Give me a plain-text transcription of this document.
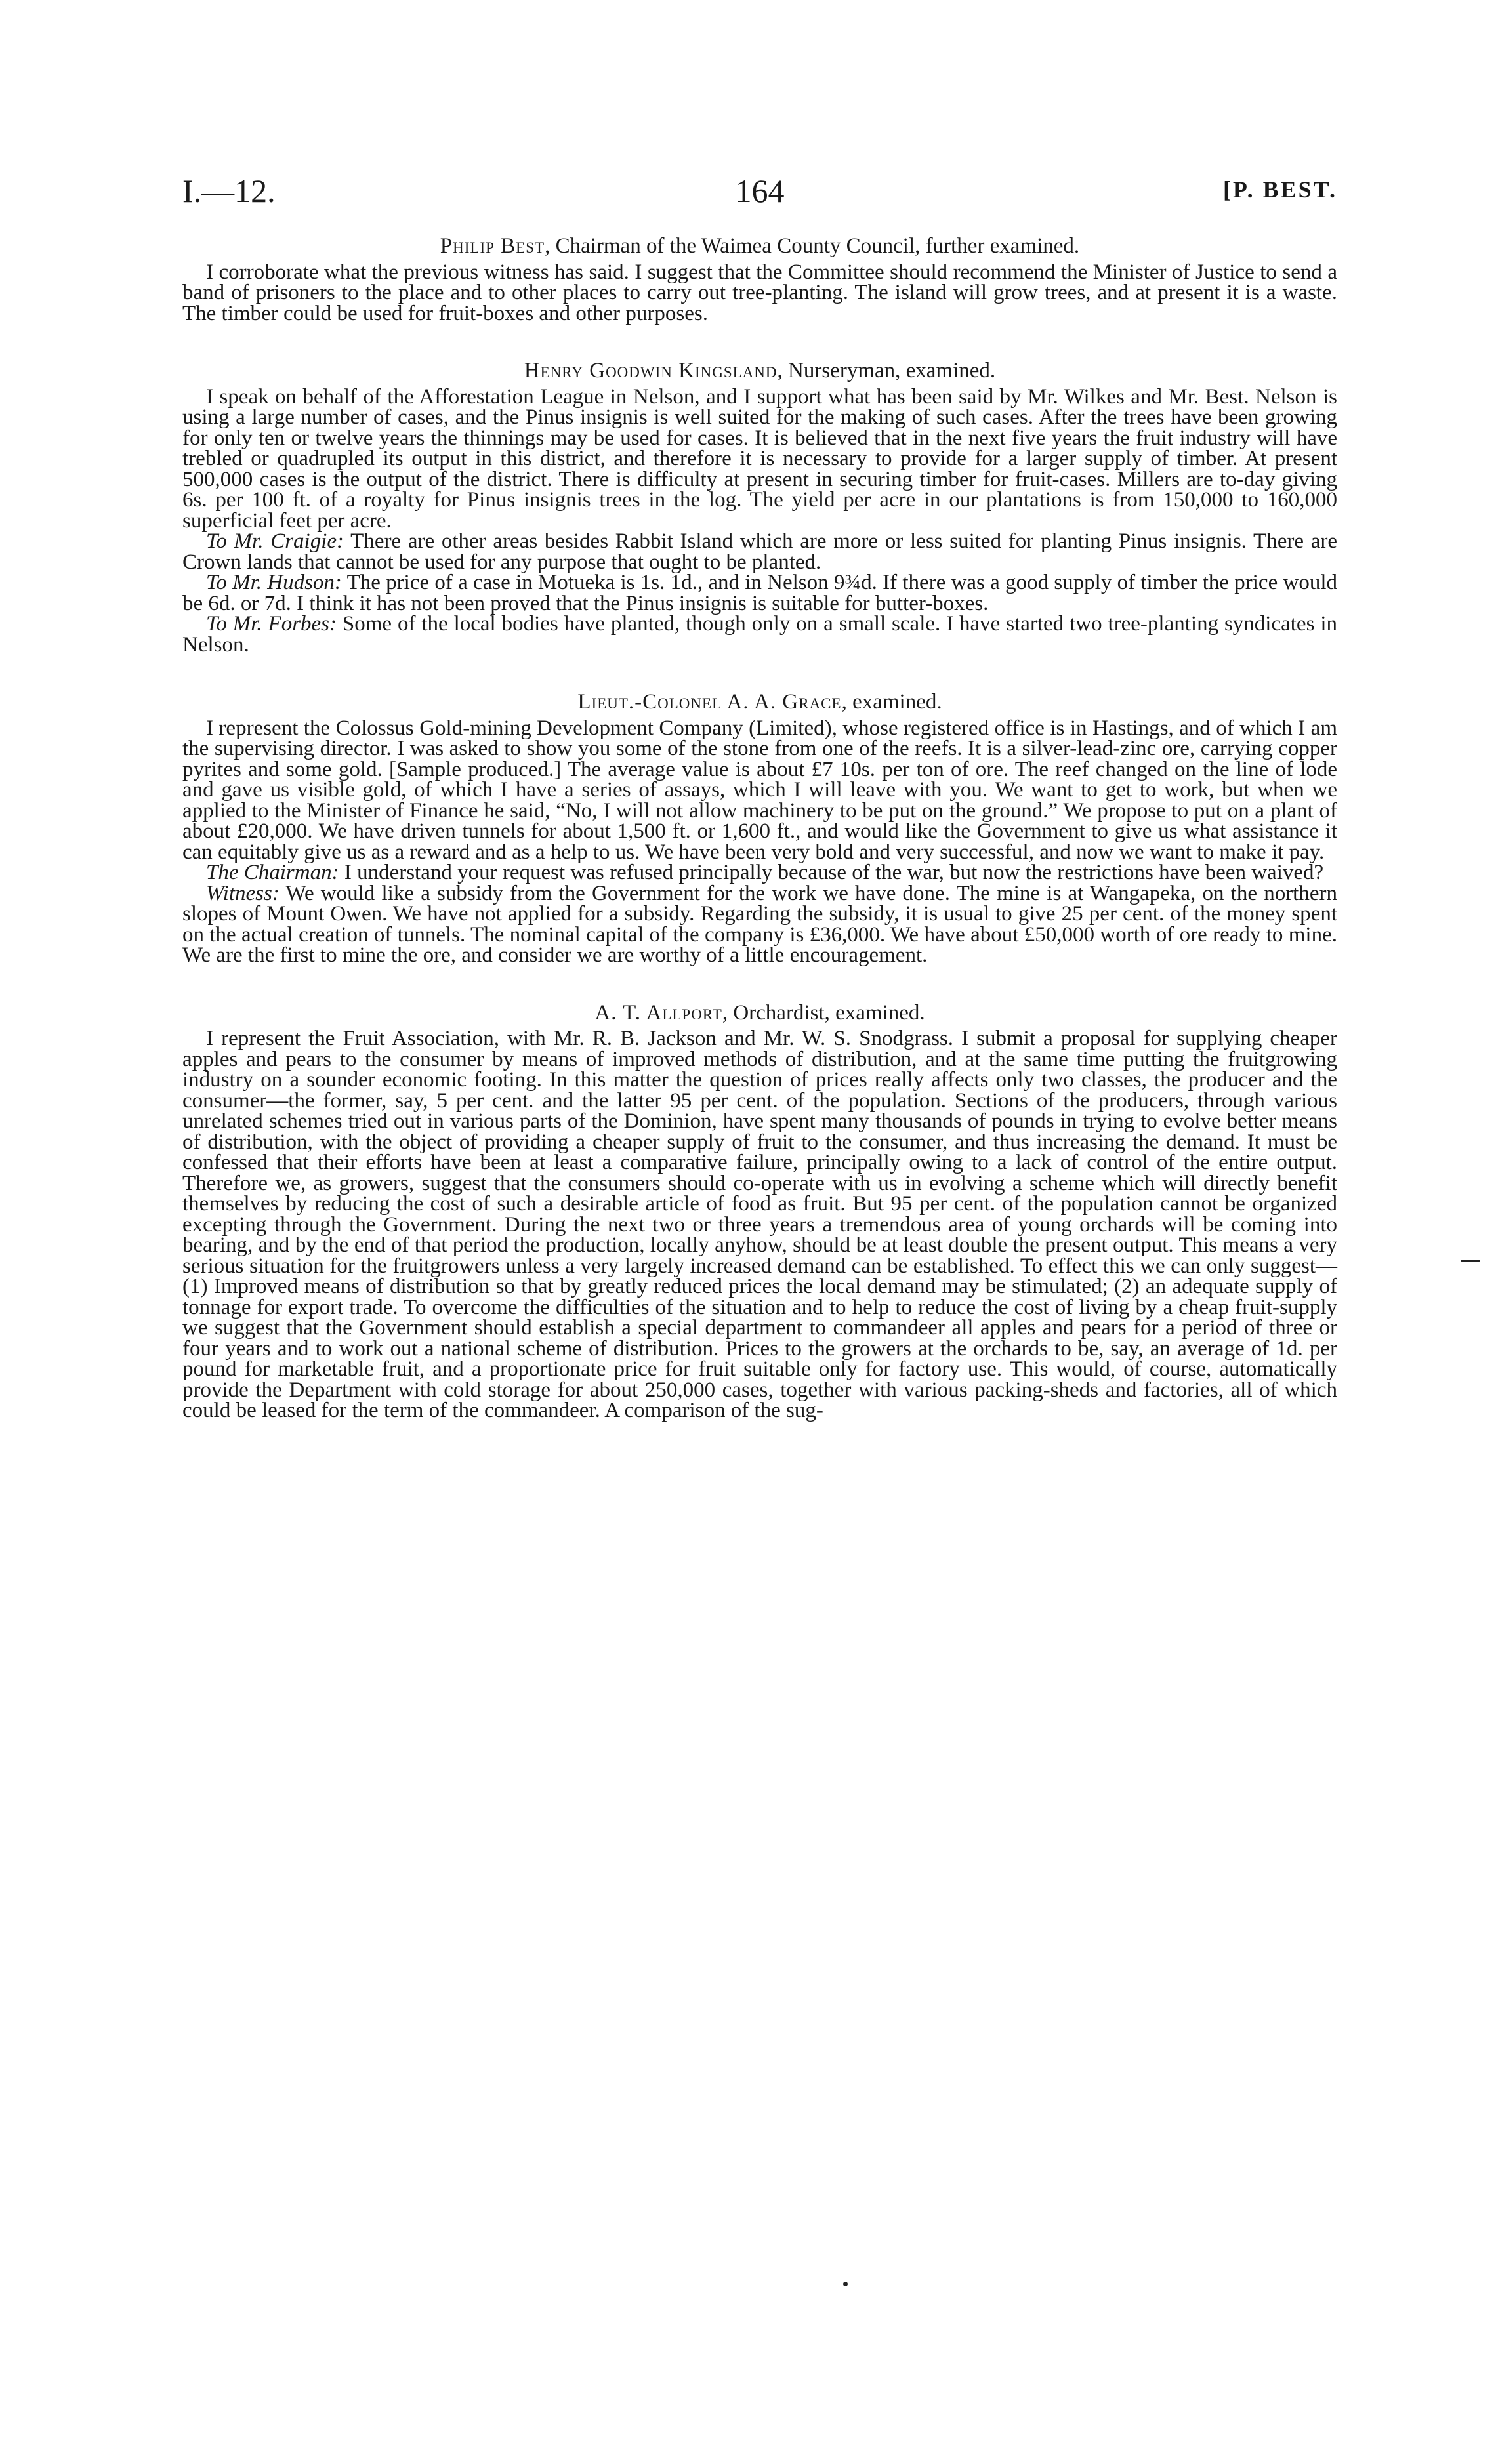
I.—12.	164	[P. BEST.
Philip Best, Chairman of the Waimea County Council, further examined.

I corroborate what the previous witness has said. I suggest that the Committee should recommend the Minister of Justice to send a band of prisoners to the place and to other places to carry out tree-planting. The island will grow trees, and at present it is a waste. The timber could be used for fruit-boxes and other purposes.

Henry Goodwin Kingsland, Nurseryman, examined.

I speak on behalf of the Afforestation League in Nelson, and I support what has been said by Mr. Wilkes and Mr. Best. Nelson is using a large number of cases, and the Pinus insignis is well suited for the making of such cases. After the trees have been growing for only ten or twelve years the thinnings may be used for cases. It is believed that in the next five years the fruit industry will have trebled or quadrupled its output in this district, and therefore it is necessary to provide for a larger supply of timber. At present 500,000 cases is the output of the district. There is difficulty at present in securing timber for fruit-cases. Millers are to-day giving 6s. per 100 ft. of a royalty for Pinus insignis trees in the log. The yield per acre in our plantations is from 150,000 to 160,000 superficial feet per acre.

To Mr. Craigie: There are other areas besides Rabbit Island which are more or less suited for planting Pinus insignis. There are Crown lands that cannot be used for any purpose that ought to be planted.

To Mr. Hudson: The price of a case in Motueka is 1s. 1d., and in Nelson 9¾d. If there was a good supply of timber the price would be 6d. or 7d. I think it has not been proved that the Pinus insignis is suitable for butter-boxes.

To Mr. Forbes: Some of the local bodies have planted, though only on a small scale. I have started two tree-planting syndicates in Nelson.

Lieut.-Colonel A. A. Grace, examined.

I represent the Colossus Gold-mining Development Company (Limited), whose registered office is in Hastings, and of which I am the supervising director. I was asked to show you some of the stone from one of the reefs. It is a silver-lead-zinc ore, carrying copper pyrites and some gold. [Sample produced.] The average value is about £7 10s. per ton of ore. The reef changed on the line of lode and gave us visible gold, of which I have a series of assays, which I will leave with you. We want to get to work, but when we applied to the Minister of Finance he said, “No, I will not allow machinery to be put on the ground.” We propose to put on a plant of about £20,000. We have driven tunnels for about 1,500 ft. or 1,600 ft., and would like the Government to give us what assistance it can equitably give us as a reward and as a help to us. We have been very bold and very successful, and now we want to make it pay.

The Chairman: I understand your request was refused principally because of the war, but now the restrictions have been waived?

Witness: We would like a subsidy from the Government for the work we have done. The mine is at Wangapeka, on the northern slopes of Mount Owen. We have not applied for a subsidy. Regarding the subsidy, it is usual to give 25 per cent. of the money spent on the actual creation of tunnels. The nominal capital of the company is £36,000. We have about £50,000 worth of ore ready to mine. We are the first to mine the ore, and consider we are worthy of a little encouragement.

A. T. Allport, Orchardist, examined.

I represent the Fruit Association, with Mr. R. B. Jackson and Mr. W. S. Snodgrass. I submit a proposal for supplying cheaper apples and pears to the consumer by means of improved methods of distribution, and at the same time putting the fruitgrowing industry on a sounder economic footing. In this matter the question of prices really affects only two classes, the producer and the consumer—the former, say, 5 per cent. and the latter 95 per cent. of the population. Sections of the producers, through various unrelated schemes tried out in various parts of the Dominion, have spent many thousands of pounds in trying to evolve better means of distribution, with the object of providing a cheaper supply of fruit to the consumer, and thus increasing the demand. It must be confessed that their efforts have been at least a comparative failure, principally owing to a lack of control of the entire output. Therefore we, as growers, suggest that the consumers should co-operate with us in evolving a scheme which will directly benefit themselves by reducing the cost of such a desirable article of food as fruit. But 95 per cent. of the population cannot be organized excepting through the Government. During the next two or three years a tremendous area of young orchards will be coming into bearing, and by the end of that period the production, locally anyhow, should be at least double the present output. This means a very serious situation for the fruitgrowers unless a very largely increased demand can be established. To effect this we can only suggest—(1) Improved means of distribution so that by greatly reduced prices the local demand may be stimulated; (2) an adequate supply of tonnage for export trade. To overcome the difficulties of the situation and to help to reduce the cost of living by a cheap fruit-supply we suggest that the Government should establish a special department to commandeer all apples and pears for a period of three or four years and to work out a national scheme of distribution. Prices to the growers at the orchards to be, say, an average of 1d. per pound for marketable fruit, and a proportionate price for fruit suitable only for factory use. This would, of course, automatically provide the Department with cold storage for about 250,000 cases, together with various packing-sheds and factories, all of which could be leased for the term of the commandeer. A comparison of the sug-
